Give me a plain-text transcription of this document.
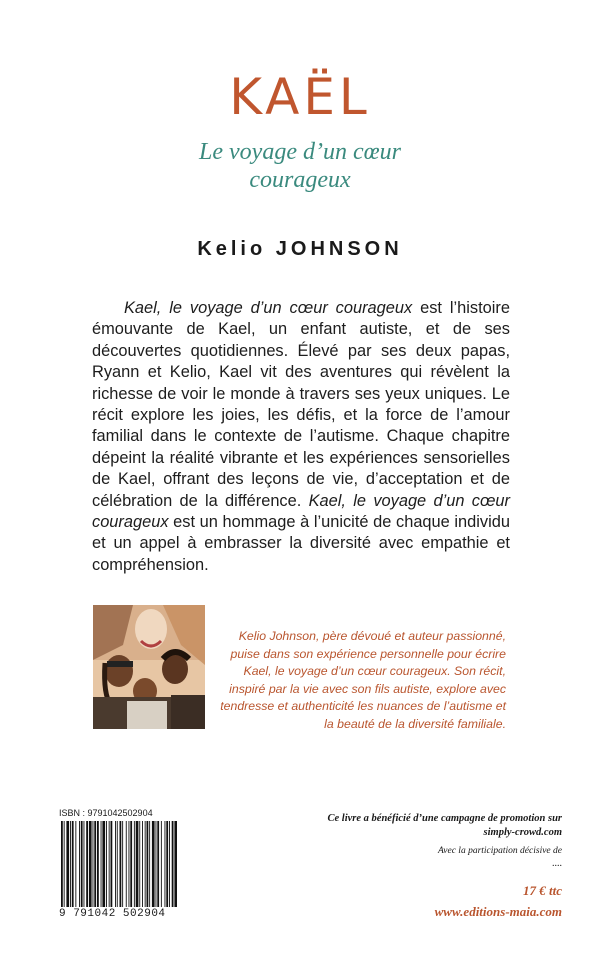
KAËL
Le voyage d’un cœur
courageux
Kelio JOHNSON

Kael, le voyage d’un cœur courageux est l’histoire émouvante de Kael, un enfant autiste, et de ses découvertes quotidiennes. Élevé par ses deux papas, Ryann et Kelio, Kael vit des aventures qui révèlent la richesse de voir le monde à travers ses yeux uniques. Le récit explore les joies, les défis, et la force de l’amour familial dans le contexte de l’autisme. Chaque chapitre dépeint la réalité vibrante et les expériences sensorielles de Kael, offrant des leçons de vie, d’acceptation et de célébration de la différence. Kael, le voyage d’un cœur courageux est un hommage à l’unicité de chaque individu et un appel à embrasser la diversité avec empathie et compréhension.

Kelio Johnson, père dévoué et auteur passionné, puise dans son expérience personnelle pour écrire Kael, le voyage d’un cœur courageux. Son récit, inspiré par la vie avec son fils autiste, explore avec tendresse et authenticité les nuances de l’autisme et la beauté de la diversité familiale.
ISBN : 9791042502904
9 791042 502904
Ce livre a bénéficié d’une campagne de promotion sur simply-crowd.com
Avec la participation décisive de
....
17 € ttc
www.editions-maia.com
